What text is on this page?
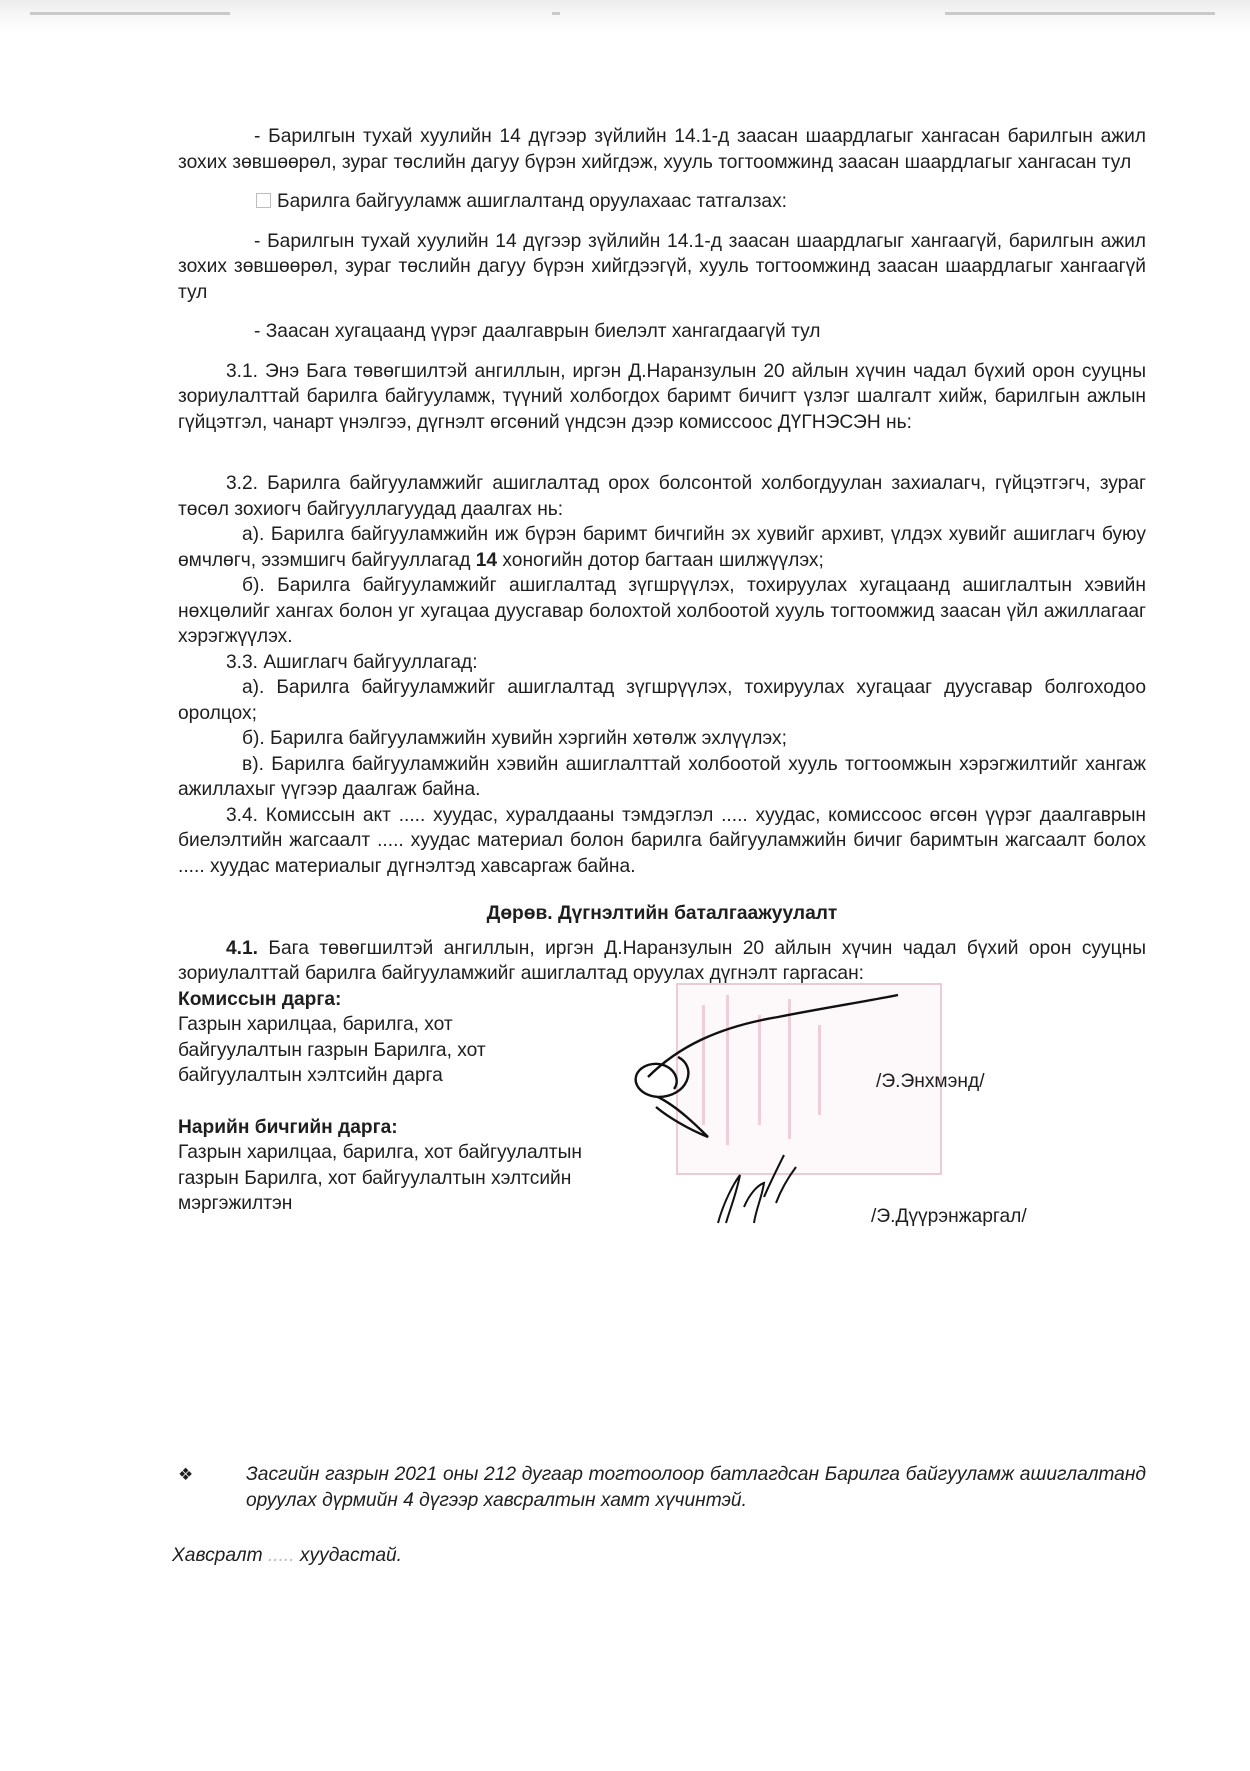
- Барилгын тухай хуулийн 14 дүгээр зүйлийн 14.1-д заасан шаардлагыг хангасан барилгын ажил зохих зөвшөөрөл, зураг төслийн дагуу бүрэн хийгдэж, хууль тогтоомжинд заасан шаардлагыг хангасан тул

Барилга байгууламж ашиглалтанд оруулахаас татгалзах:

- Барилгын тухай хуулийн 14 дүгээр зүйлийн 14.1-д заасан шаардлагыг хангаагүй, барилгын ажил зохих зөвшөөрөл, зураг төслийн дагуу бүрэн хийгдээгүй, хууль тогтоомжинд заасан шаардлагыг хангаагүй тул

- Заасан хугацаанд үүрэг даалгаврын биелэлт хангагдаагүй тул

3.1. Энэ Бага төвөгшилтэй ангиллын, иргэн Д.Наранзулын 20 айлын хүчин чадал бүхий орон сууцны зориулалттай барилга байгууламж, түүний холбогдох баримт бичигт үзлэг шалгалт хийж, барилгын ажлын гүйцэтгэл, чанарт үнэлгээ, дүгнэлт өгсөний үндсэн дээр комиссоос ДҮГНЭСЭН нь:

3.2. Барилга байгууламжийг ашиглалтад орох болсонтой холбогдуулан захиалагч, гүйцэтгэгч, зураг төсөл зохиогч байгууллагуудад даалгах нь:

а). Барилга байгууламжийн иж бүрэн баримт бичгийн эх хувийг архивт, үлдэх хувийг ашиглагч буюу өмчлөгч, эзэмшигч байгууллагад 14 хоногийн дотор багтаан шилжүүлэх;

б). Барилга байгууламжийг ашиглалтад зүгшрүүлэх, тохируулах хугацаанд ашиглалтын хэвийн нөхцөлийг хангах болон уг хугацаа дуусгавар болохтой холбоотой хууль тогтоомжид заасан үйл ажиллагааг хэрэгжүүлэх.

3.3. Ашиглагч байгууллагад:

а). Барилга байгууламжийг ашиглалтад зүгшрүүлэх, тохируулах хугацааг дуусгавар болгоходоо оролцох;

б). Барилга байгууламжийн хувийн хэргийн хөтөлж эхлүүлэх;

в). Барилга байгууламжийн хэвийн ашиглалттай холбоотой хууль тогтоомжын хэрэгжилтийг хангаж ажиллахыг үүгээр даалгаж байна.

3.4. Комиссын акт ..... хуудас, хуралдааны тэмдэглэл ..... хуудас, комиссоос өгсөн үүрэг даалгаврын биелэлтийн жагсаалт ..... хуудас материал болон барилга байгууламжийн бичиг баримтын жагсаалт болох ..... хуудас материалыг дүгнэлтэд хавсаргаж байна.

Дөрөв. Дүгнэлтийн баталгаажуулалт

4.1. Бага төвөгшилтэй ангиллын, иргэн Д.Наранзулын 20 айлын хүчин чадал бүхий орон сууцны зориулалттай барилга байгууламжийг ашиглалтад оруулах дүгнэлт гаргасан:

Комиссын дарга:
Газрын харилцаа, барилга, хот
байгуулалтын газрын Барилга, хот
байгуулалтын хэлтсийн дарга
Нарийн бичгийн дарга:
Газрын харилцаа, барилга, хот байгуулалтын
газрын Барилга, хот байгуулалтын хэлтсийн
мэргэжилтэн
/Э.Энхмэнд/
/Э.Дүүрэнжаргал/
❖	Засгийн газрын 2021 оны 212 дугаар тогтоолоор батлагдсан Барилга байгууламж ашиглалтанд оруулах дүрмийн 4 дүгээр хавсралтын хамт хүчинтэй.
Хавсралт ..... хуудастай.
